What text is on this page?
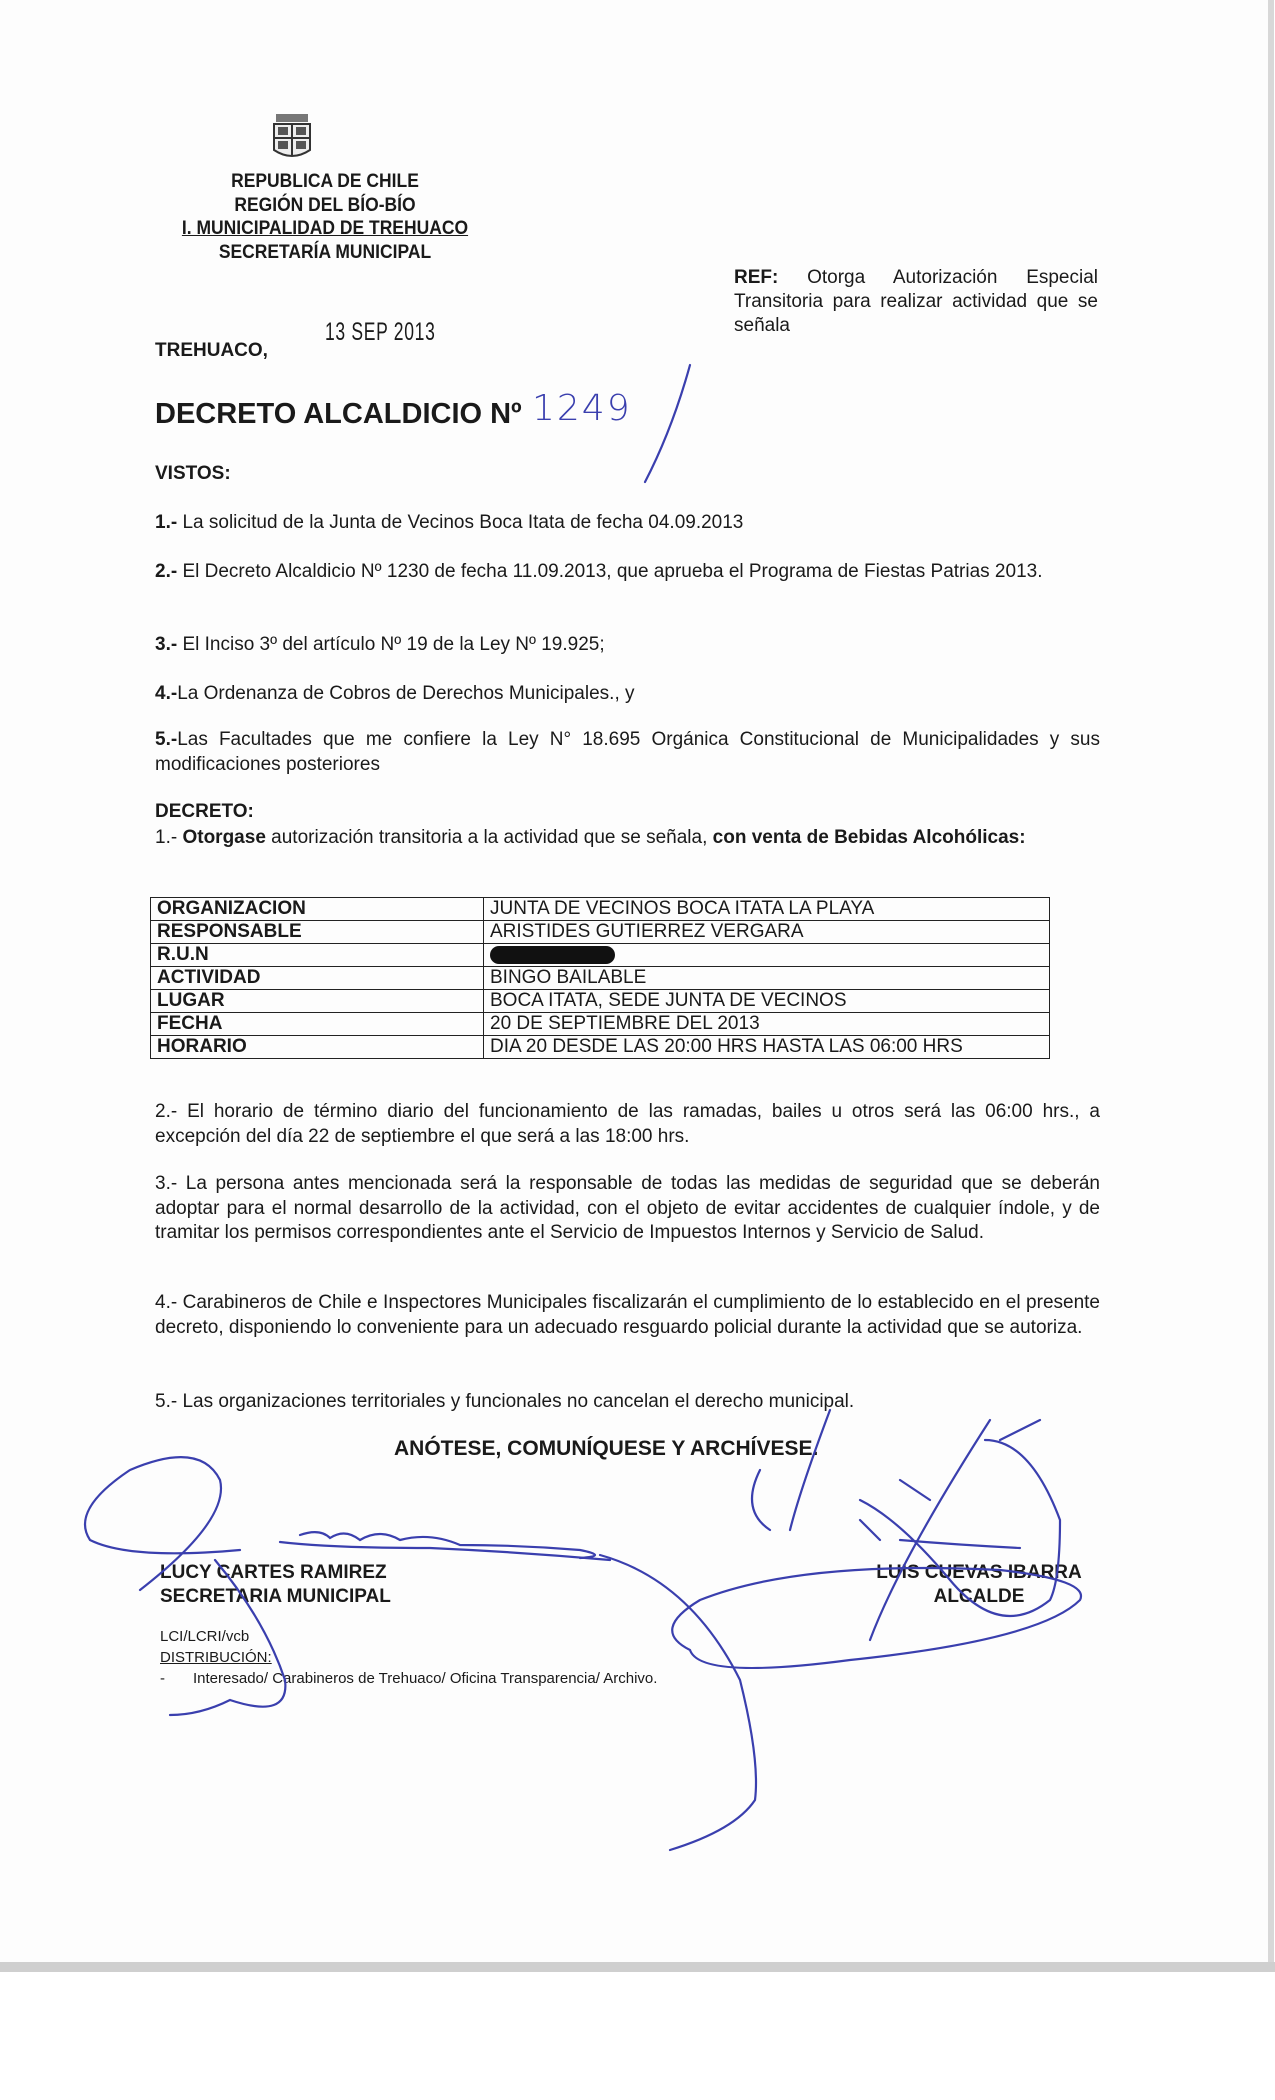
REPUBLICA DE CHILE
REGIÓN DEL BÍO-BÍO
I. MUNICIPALIDAD DE TREHUACO
SECRETARÍA MUNICIPAL
REF: Otorga Autorización Especial Transitoria para realizar actividad que se señala
TREHUACO,
13 SEP 2013
DECRETO ALCALDICIO Nº 1249
VISTOS:
1.- La solicitud de la Junta de Vecinos Boca Itata de fecha 04.09.2013
2.- El Decreto Alcaldicio Nº 1230 de fecha 11.09.2013, que aprueba el Programa de Fiestas Patrias 2013.
3.- El Inciso 3º del artículo Nº 19 de la Ley Nº 19.925;
4.-La Ordenanza de Cobros de Derechos Municipales., y
5.-Las Facultades que me confiere la Ley N° 18.695 Orgánica Constitucional de Municipalidades y sus modificaciones posteriores
DECRETO:
1.- Otorgase autorización transitoria a la actividad que se señala, con venta de Bebidas Alcohólicas:
ORGANIZACION	JUNTA DE VECINOS BOCA ITATA LA PLAYA
RESPONSABLE	ARISTIDES GUTIERREZ VERGARA
R.U.N	
ACTIVIDAD	BINGO BAILABLE
LUGAR	BOCA ITATA, SEDE JUNTA DE VECINOS
FECHA	20 DE SEPTIEMBRE DEL 2013
HORARIO	DIA 20 DESDE LAS 20:00 HRS HASTA LAS 06:00 HRS
2.- El horario de término diario del funcionamiento de las ramadas, bailes u otros será las 06:00 hrs., a excepción del día 22 de septiembre el que será a las 18:00 hrs.
3.- La persona antes mencionada será la responsable de todas las medidas de seguridad que se deberán adoptar para el normal desarrollo de la actividad, con el objeto de evitar accidentes de cualquier índole, y de tramitar los permisos correspondientes ante el Servicio de Impuestos Internos y Servicio de Salud.
4.- Carabineros de Chile e Inspectores Municipales fiscalizarán el cumplimiento de lo establecido en el presente decreto, disponiendo lo conveniente para un adecuado resguardo policial durante la actividad que se autoriza.
5.- Las organizaciones territoriales y funcionales no cancelan el derecho municipal.
ANÓTESE, COMUNÍQUESE Y ARCHÍVESE.
LUCY CARTES RAMIREZ
SECRETARIA MUNICIPAL
LUIS CUEVAS IBARRA
ALCALDE
LCI/LCRI/vcb
DISTRIBUCIÓN:
- Interesado/ Carabineros de Trehuaco/ Oficina Transparencia/ Archivo.
